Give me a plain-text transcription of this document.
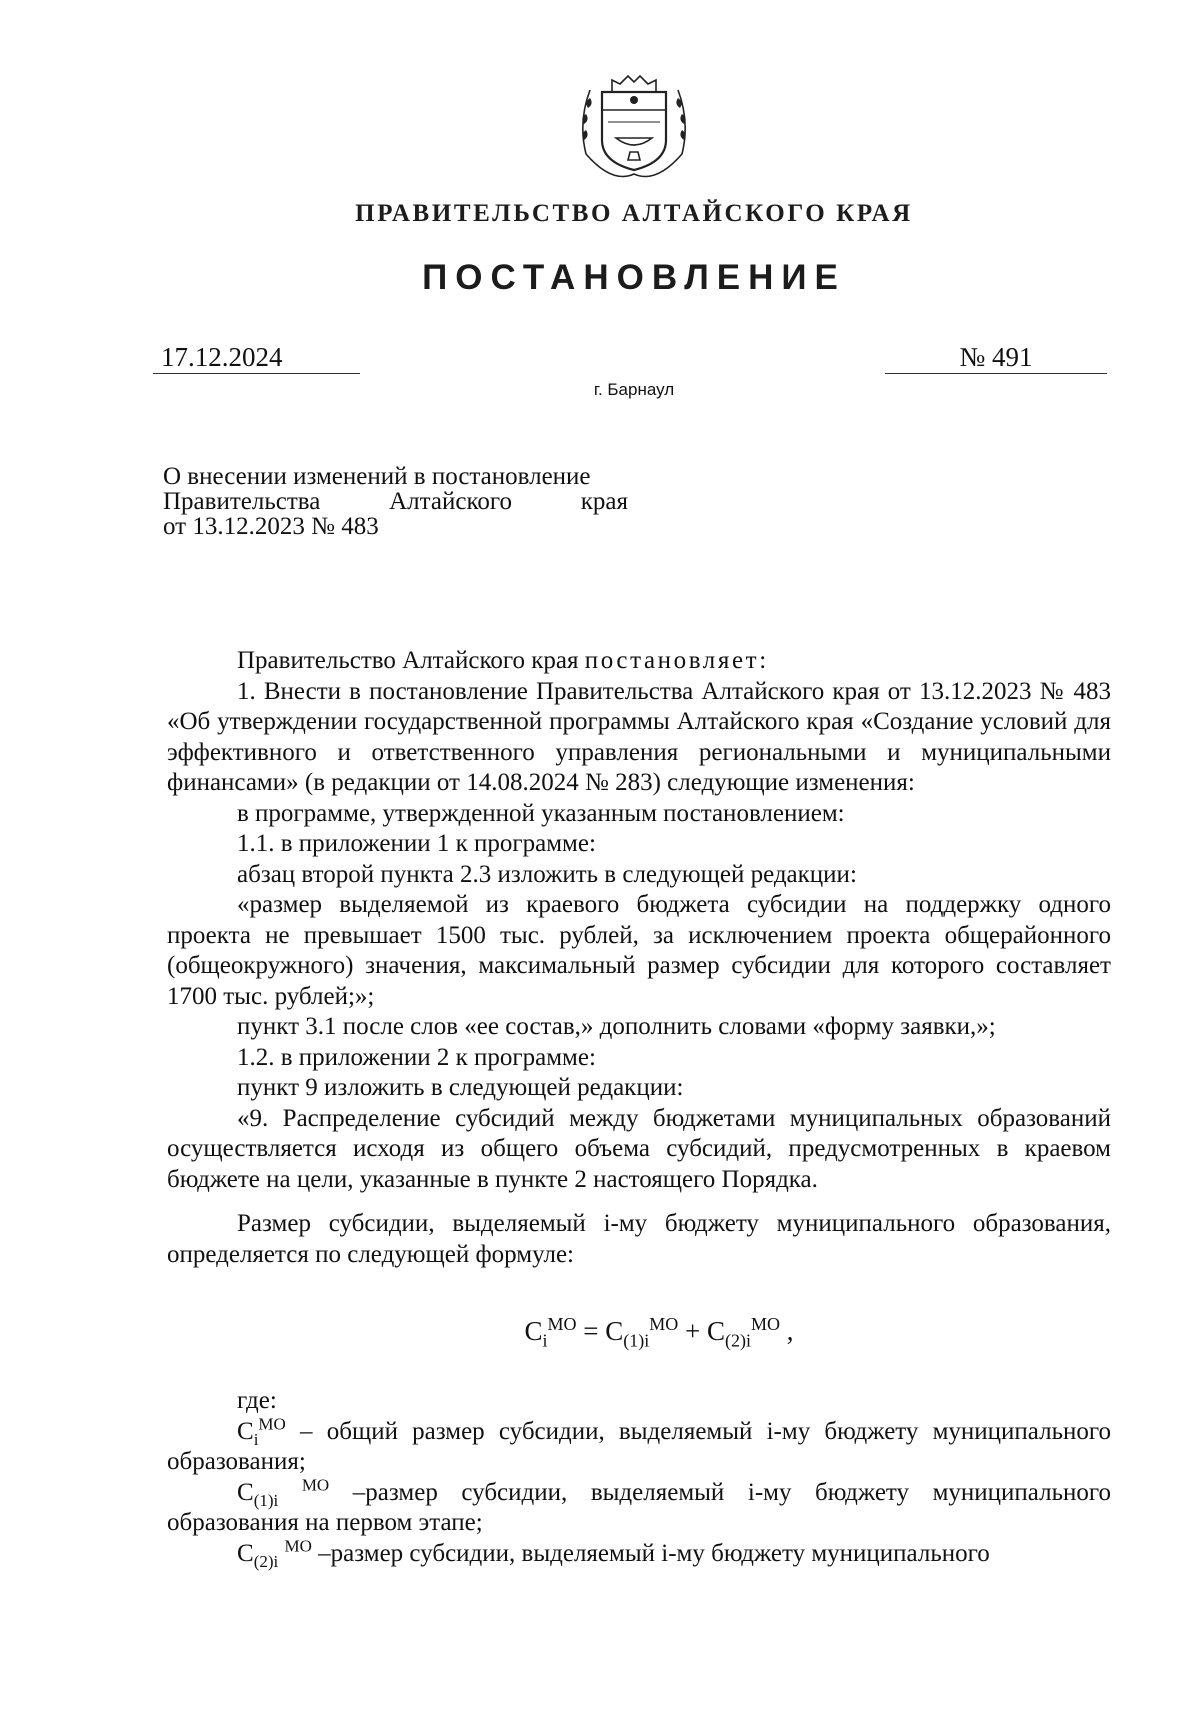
ПРАВИТЕЛЬСТВО АЛТАЙСКОГО КРАЯ
ПОСТАНОВЛЕНИЕ
17.12.2024	№ 491
г. Барнаул
О внесении изменений в постановление
Правительства	Алтайского	края
от 13.12.2023 № 483

Правительство Алтайского края постановляет:

1. Внести в постановление Правительства Алтайского края от 13.12.2023 № 483 «Об утверждении государственной программы Алтайского края «Создание условий для эффективного и ответственного управления региональными и муниципальными финансами» (в редакции от 14.08.2024 № 283) следующие изменения:

в программе, утвержденной указанным постановлением:

1.1. в приложении 1 к программе:

абзац второй пункта 2.3 изложить в следующей редакции:

«размер выделяемой из краевого бюджета субсидии на поддержку одного проекта не превышает 1500 тыс. рублей, за исключением проекта общерайонного (общеокружного) значения, максимальный размер субсидии для которого составляет 1700 тыс. рублей;»;

пункт 3.1 после слов «ее состав,» дополнить словами «форму заявки,»;

1.2. в приложении 2 к программе:

пункт 9 изложить в следующей редакции:

«9. Распределение субсидий между бюджетами муниципальных образований осуществляется исходя из общего объема субсидий, предусмотренных в краевом бюджете на цели, указанные в пункте 2 настоящего Порядка.

Размер субсидии, выделяемый i-му бюджету муниципального образования, определяется по следующей формуле:

$С_i^{МО} = С_{(1)i}^{МО} + С_{(2)i}^{МО}$ ,

где:

$С_i^{МО}$ – общий размер субсидии, выделяемый i-му бюджету муниципального образования;

$С_{(1)i}$ $^{МО}$ –размер субсидии, выделяемый i-му бюджету муниципального образования на первом этапе;

$С_{(2)i}$ $^{МО}$ –размер субсидии, выделяемый i-му бюджету муниципального
